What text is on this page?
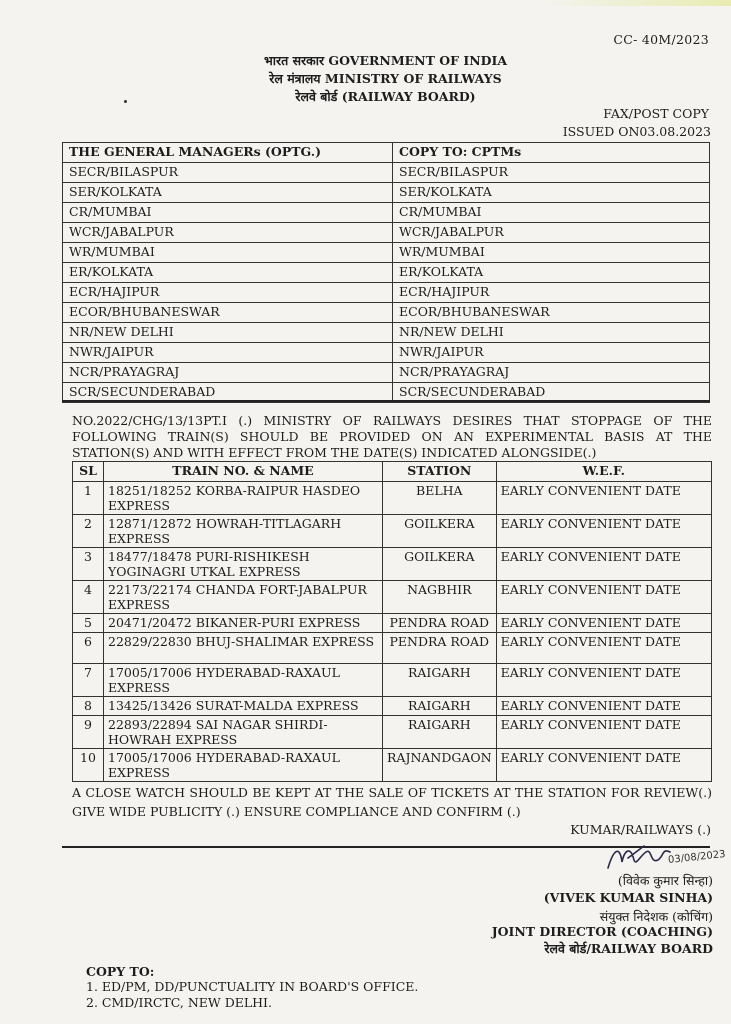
CC- 40M/2023
भारत सरकार GOVERNMENT OF INDIA
रेल मंत्रालय MINISTRY OF RAILWAYS
रेलवे बोर्ड (RAILWAY BOARD)
FAX/POST COPY
ISSUED ON03.08.2023
THE GENERAL MANAGERs (OPTG.)	COPY TO: CPTMs
SECR/BILASPUR	SECR/BILASPUR
SER/KOLKATA	SER/KOLKATA
CR/MUMBAI	CR/MUMBAI
WCR/JABALPUR	WCR/JABALPUR
WR/MUMBAI	WR/MUMBAI
ER/KOLKATA	ER/KOLKATA
ECR/HAJIPUR	ECR/HAJIPUR
ECOR/BHUBANESWAR	ECOR/BHUBANESWAR
NR/NEW DELHI	NR/NEW DELHI
NWR/JAIPUR	NWR/JAIPUR
NCR/PRAYAGRAJ	NCR/PRAYAGRAJ
SCR/SECUNDERABAD	SCR/SECUNDERABAD
NO.2022/CHG/13/13PT.I (.) MINISTRY OF RAILWAYS DESIRES THAT STOPPAGE OF THE FOLLOWING TRAIN(S) SHOULD BE PROVIDED ON AN EXPERIMENTAL BASIS AT THE STATION(S) AND WITH EFFECT FROM THE DATE(S) INDICATED ALONGSIDE(.)
SL	TRAIN NO. & NAME	STATION	W.E.F.
1	18251/18252 KORBA-RAIPUR HASDEO EXPRESS	BELHA	EARLY CONVENIENT DATE
2	12871/12872 HOWRAH-TITLAGARH EXPRESS	GOILKERA	EARLY CONVENIENT DATE
3	18477/18478 PURI-RISHIKESH YOGINAGRI UTKAL EXPRESS	GOILKERA	EARLY CONVENIENT DATE
4	22173/22174 CHANDA FORT-JABALPUR EXPRESS	NAGBHIR	EARLY CONVENIENT DATE
5	20471/20472 BIKANER-PURI EXPRESS	PENDRA ROAD	EARLY CONVENIENT DATE
6	22829/22830 BHUJ-SHALIMAR EXPRESS	PENDRA ROAD	EARLY CONVENIENT DATE
7	17005/17006 HYDERABAD-RAXAUL EXPRESS	RAIGARH	EARLY CONVENIENT DATE
8	13425/13426 SURAT-MALDA EXPRESS	RAIGARH	EARLY CONVENIENT DATE
9	22893/22894 SAI NAGAR SHIRDI-HOWRAH EXPRESS	RAIGARH	EARLY CONVENIENT DATE
10	17005/17006 HYDERABAD-RAXAUL EXPRESS	RAJNANDGAON	EARLY CONVENIENT DATE
A CLOSE WATCH SHOULD BE KEPT AT THE SALE OF TICKETS AT THE STATION FOR REVIEW(.) GIVE WIDE PUBLICITY (.) ENSURE COMPLIANCE AND CONFIRM (.)
KUMAR/RAILWAYS (.)
03/08/2023
(विवेक कुमार सिन्हा)
(VIVEK KUMAR SINHA)
संयुक्त निदेशक (कोचिंग)
JOINT DIRECTOR (COACHING)
रेलवे बोर्ड/RAILWAY BOARD
COPY TO:
1. ED/PM, DD/PUNCTUALITY IN BOARD'S OFFICE.
2. CMD/IRCTC, NEW DELHI.
